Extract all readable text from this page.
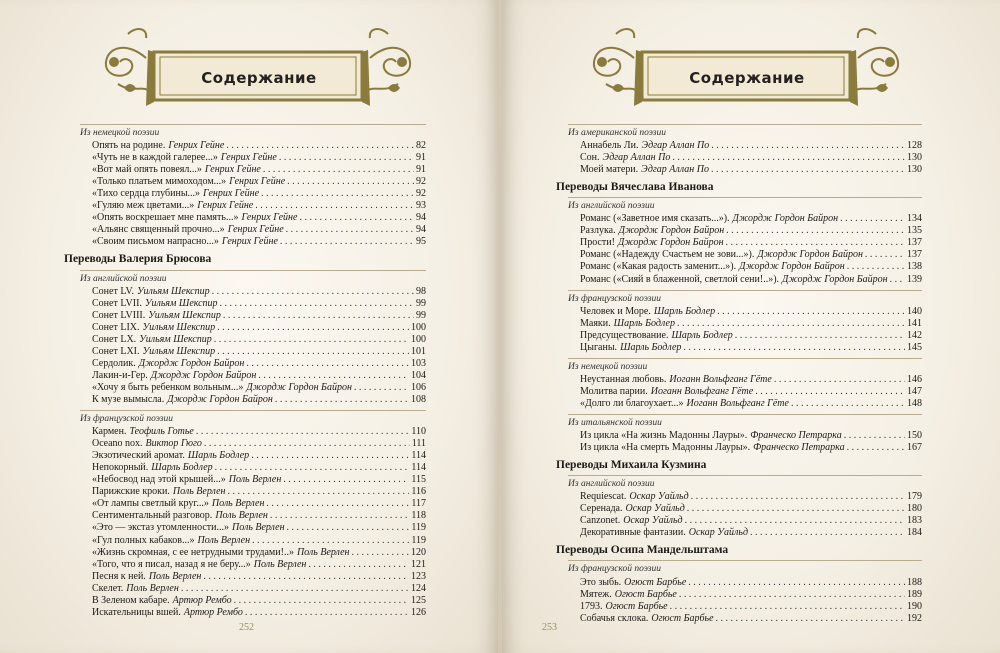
Содержание
Из немецкой поэзии
Опять на родине. Генрих Гейне . . .	82
«Чуть не в каждой галерее...» Генрих Гейне . . .	91
«Вот май опять повеял...» Генрих Гейне . . .	91
«Только платьем мимоходом...» Генрих Гейне . . .	92
«Тихо сердца глубины...» Генрих Гейне . . .	92
«Гуляю меж цветами...» Генрих Гейне . . .	93
«Опять воскрешает мне память...» Генрих Гейне . . .	94
«Альянс священный прочно...» Генрих Гейне . . .	94
«Своим письмом напрасно...» Генрих Гейне . . .	95
Переводы Валерия Брюсова
Из английской поэзии
Сонет LV. Уильям Шекспир . . .	98
Сонет LVII. Уильям Шекспир . . .	99
Сонет LVIII. Уильям Шекспир . . .	99
Сонет LIX. Уильям Шекспир . . .	100
Сонет LX. Уильям Шекспир . . .	100
Сонет LXI. Уильям Шекспир . . .	101
Сердолик. Джордж Гордон Байрон . . .	103
Лакин-и-Гер. Джордж Гордон Байрон . . .	104
«Хочу я быть ребенком вольным...» Джордж Гордон Байрон . . .	106
К музе вымысла. Джордж Гордон Байрон . . .	108
Из французской поэзии
Кармен. Теофиль Готье . . .	110
Oceano nox. Виктор Гюго . . .	111
Экзотический аромат. Шарль Бодлер . . .	114
Непокорный. Шарль Бодлер . . .	114
«Небосвод над этой крышей...» Поль Верлен . . .	115
Парижские кроки. Поль Верлен . . .	116
«От лампы светлый круг...» Поль Верлен . . .	117
Сентиментальный разговор. Поль Верлен . . .	118
«Это — экстаз утомленности...» Поль Верлен . . .	119
«Гул полных кабаков...» Поль Верлен . . .	119
«Жизнь скромная, с ее нетрудными трудами!..» Поль Верлен . . .	120
«Того, что я писал, назад я не беру...» Поль Верлен . . .	121
Песня к ней. Поль Верлен . . .	123
Скелет. Поль Верлен . . .	124
В Зеленом кабаре. Артюр Рембо . . .	125
Искательницы вшей. Артюр Рембо . . .	126
252
Содержание
Из американской поэзии
Аннабель Ли. Эдгар Аллан По . . .	128
Сон. Эдгар Аллан По . . .	130
Моей матери. Эдгар Аллан По . . .	130
Переводы Вячеслава Иванова
Из английской поэзии
Романс («Заветное имя сказать...»). Джордж Гордон Байрон . . .	134
Разлука. Джордж Гордон Байрон . . .	135
Прости! Джордж Гордон Байрон . . .	137
Романс («Надежду Счастьем не зови...»). Джордж Гордон Байрон . . .	137
Романс («Какая радость заменит...»). Джордж Гордон Байрон . . .	138
Романс («Сияй в блаженной, светлой сени!..»). Джордж Гордон Байрон . . . 139
Из французской поэзии
Человек и Море. Шарль Бодлер . . .	140
Маяки. Шарль Бодлер . . .	141
Предсуществование. Шарль Бодлер . . .	142
Цыганы. Шарль Бодлер . . .	145
Из немецкой поэзии
Неустанная любовь. Иоганн Вольфганг Гёте . . .	146
Молитва парии. Иоганн Вольфганг Гёте . . .	147
«Долго ли благоухает...» Иоганн Вольфганг Гёте . . .	148
Из итальянской поэзии
Из цикла «На жизнь Мадонны Лауры». Франческо Петрарка . . .	150
Из цикла «На смерть Мадонны Лауры». Франческо Петрарка . . .	167
Переводы Михаила Кузмина
Из английской поэзии
Requiescat. Оскар Уайльд . . .	179
Серенада. Оскар Уайльд . . .	180
Canzonet. Оскар Уайльд . . .	183
Декоративные фантазии. Оскар Уайльд . . .	184
Переводы Осипа Мандельштама
Из французской поэзии
Это зыбь. Огюст Барбье . . .	188
Мятеж. Огюст Барбье . . .	189
1793. Огюст Барбье . . .	190
Собачья склока. Огюст Барбье . . .	192
253
